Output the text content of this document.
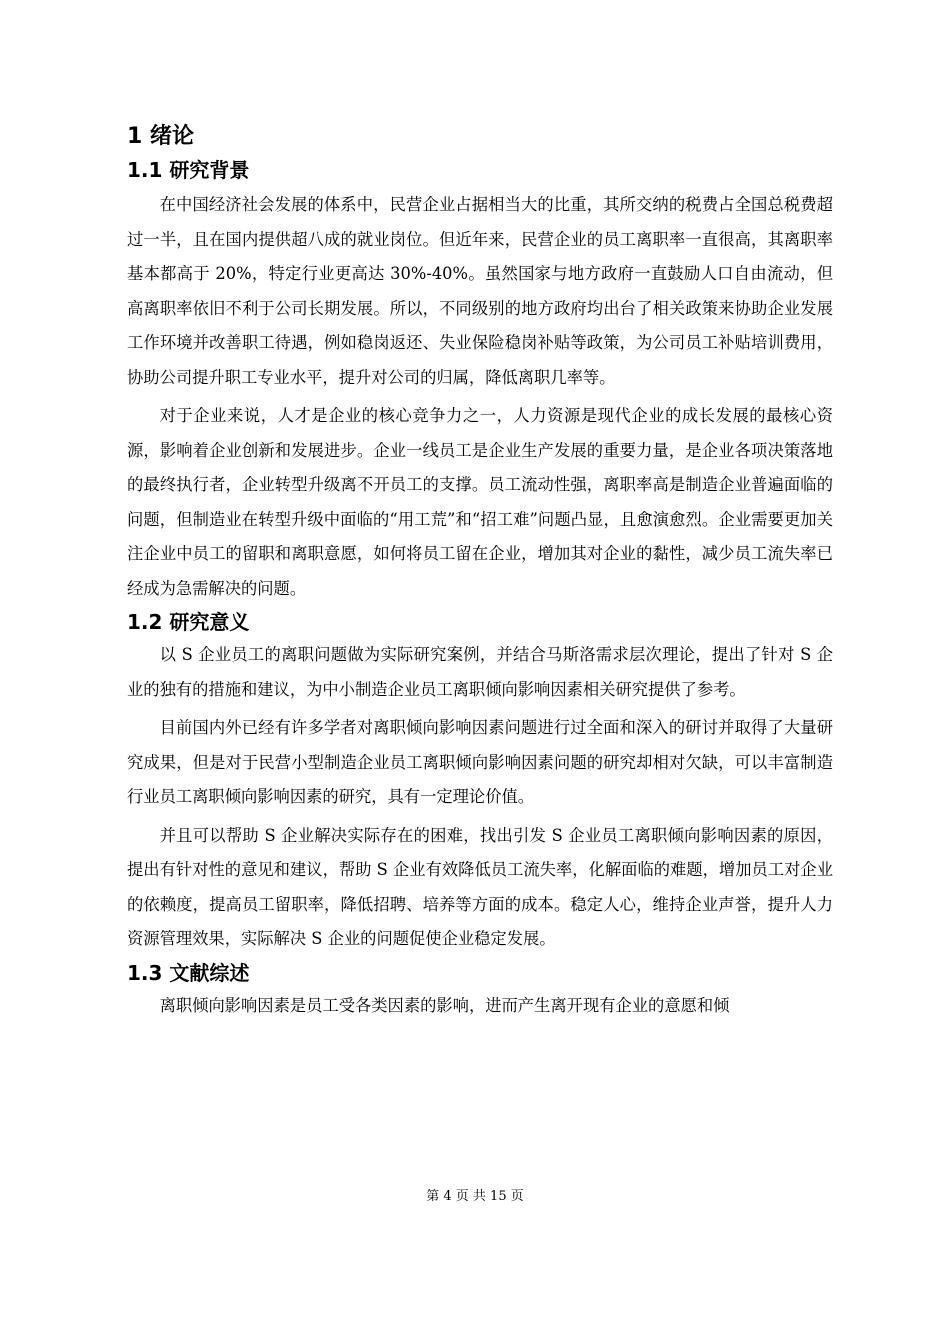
1 绪论
1.1 研究背景

在中国经济社会发展的体系中，民营企业占据相当大的比重，其所交纳的税费占全国总税费超过一半，且在国内提供超八成的就业岗位。但近年来，民营企业的员工离职率一直很高，其离职率基本都高于 20%，特定行业更高达 30%-40%。虽然国家与地方政府一直鼓励人口自由流动，但高离职率依旧不利于公司长期发展。所以，不同级别的地方政府均出台了相关政策来协助企业发展工作环境并改善职工待遇，例如稳岗返还、失业保险稳岗补贴等政策，为公司员工补贴培训费用，协助公司提升职工专业水平，提升对公司的归属，降低离职几率等。

对于企业来说，人才是企业的核心竞争力之一，人力资源是现代企业的成长发展的最核心资源，影响着企业创新和发展进步。企业一线员工是企业生产发展的重要力量，是企业各项决策落地的最终执行者，企业转型升级离不开员工的支撑。员工流动性强，离职率高是制造企业普遍面临的问题，但制造业在转型升级中面临的“用工荒”和“招工难”问题凸显，且愈演愈烈。企业需要更加关注企业中员工的留职和离职意愿，如何将员工留在企业，增加其对企业的黏性，减少员工流失率已经成为急需解决的问题。

1.2 研究意义

以 S 企业员工的离职问题做为实际研究案例，并结合马斯洛需求层次理论，提出了针对 S 企业的独有的措施和建议，为中小制造企业员工离职倾向影响因素相关研究提供了参考。

目前国内外已经有许多学者对离职倾向影响因素问题进行过全面和深入的研讨并取得了大量研究成果，但是对于民营小型制造企业员工离职倾向影响因素问题的研究却相对欠缺，可以丰富制造行业员工离职倾向影响因素的研究，具有一定理论价值。

并且可以帮助 S 企业解决实际存在的困难，找出引发 S 企业员工离职倾向影响因素的原因，提出有针对性的意见和建议，帮助 S 企业有效降低员工流失率，化解面临的难题，增加员工对企业的依赖度，提高员工留职率，降低招聘、培养等方面的成本。稳定人心，维持企业声誉，提升人力资源管理效果，实际解决 S 企业的问题促使企业稳定发展。

1.3 文献综述

离职倾向影响因素是员工受各类因素的影响，进而产生离开现有企业的意愿和倾

第 4 页 共 15 页
